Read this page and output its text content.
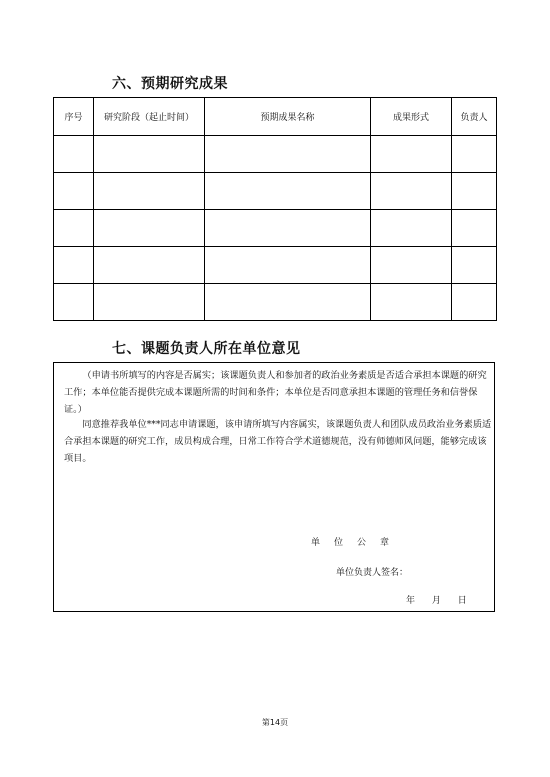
六、预期研究成果
序号	研究阶段（起止时间）	预期成果名称	成果形式	负责人

七、课题负责人所在单位意见
（申请书所填写的内容是否属实；该课题负责人和参加者的政治业务素质是否适合承担本课题的研究工作；本单位能否提供完成本课题所需的时间和条件；本单位是否同意承担本课题的管理任务和信誉保证。）
同意推荐我单位***同志申请课题，该申请所填写内容属实，该课题负责人和团队成员政治业务素质适合承担本课题的研究工作，成员构成合理，日常工作符合学术道德规范，没有师德师风问题，能够完成该项目。
单位公章
单位负责人签名：
年 月 日
第14页
